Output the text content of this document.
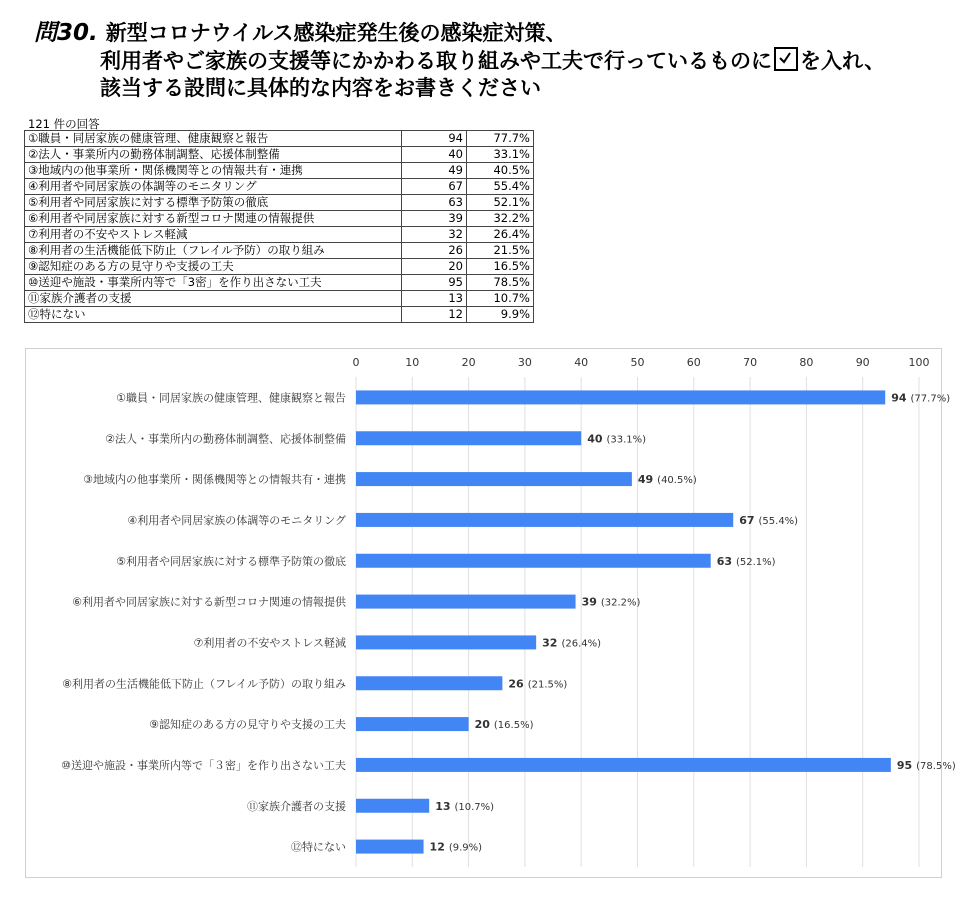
問30. 新型コロナウイルス感染症発生後の感染症対策、
利用者やご家族の支援等にかかわる取り組みや工夫で行っているものに を入れ、
該当する設問に具体的な内容をお書きください
121 件の回答
①職員・同居家族の健康管理、健康観察と報告	94	77.7%
②法人・事業所内の勤務体制調整、応援体制整備	40	33.1%
③地域内の他事業所・関係機関等との情報共有・連携	49	40.5%
④利用者や同居家族の体調等のモニタリング	67	55.4%
⑤利用者や同居家族に対する標準予防策の徹底	63	52.1%
⑥利用者や同居家族に対する新型コロナ関連の情報提供	39	32.2%
⑦利用者の不安やストレス軽減	32	26.4%
⑧利用者の生活機能低下防止（フレイル予防）の取り組み	26	21.5%
⑨認知症のある方の見守りや支援の工夫	20	16.5%
⑩送迎や施設・事業所内等で「3密」を作り出さない工夫	95	78.5%
⑪家族介護者の支援	13	10.7%
⑫特にない	12	9.9%
0	10	20	30	40	50	60	70	80	90	100
①職員・同居家族の健康管理、健康観察と報告	94 (77.7%)
②法人・事業所内の勤務体制調整、応援体制整備	40 (33.1%)
③地域内の他事業所・関係機関等との情報共有・連携	49 (40.5%)
④利用者や同居家族の体調等のモニタリング	67 (55.4%)
⑤利用者や同居家族に対する標準予防策の徹底	63 (52.1%)
⑥利用者や同居家族に対する新型コロナ関連の情報提供	39 (32.2%)
⑦利用者の不安やストレス軽減	32 (26.4%)
⑧利用者の生活機能低下防止（フレイル予防）の取り組み	26 (21.5%)
⑨認知症のある方の見守りや支援の工夫	20 (16.5%)
⑩送迎や施設・事業所内等で「３密」を作り出さない工夫	95 (78.5%)
⑪家族介護者の支援	13 (10.7%)
⑫特にない	12 (9.9%)
